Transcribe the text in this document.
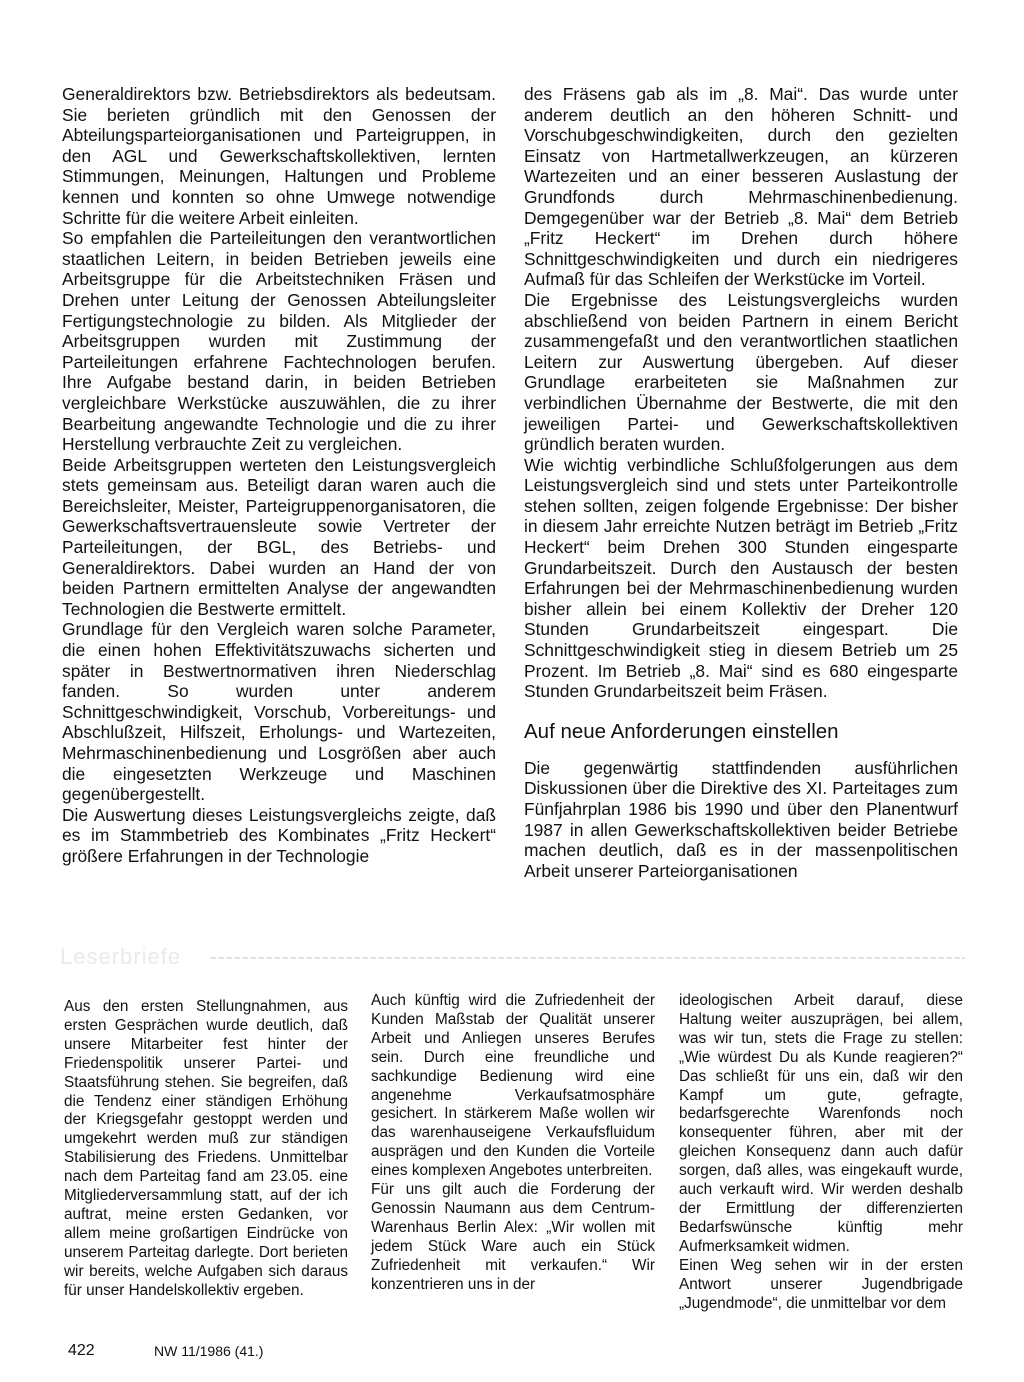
Generaldirektors bzw. Betriebsdirektors als bedeutsam. Sie berieten gründlich mit den Genossen der Abteilungsparteiorganisationen und Parteigruppen, in den AGL und Gewerkschaftskollektiven, lernten Stimmungen, Meinungen, Haltungen und Probleme kennen und konnten so ohne Umwege notwendige Schritte für die weitere Arbeit einleiten.

So empfahlen die Parteileitungen den verantwortlichen staatlichen Leitern, in beiden Betrieben jeweils eine Arbeitsgruppe für die Arbeitstechniken Fräsen und Drehen unter Leitung der Genossen Abteilungsleiter Fertigungstechnologie zu bilden. Als Mitglieder der Arbeitsgruppen wurden mit Zustimmung der Parteileitungen erfahrene Fachtechnologen berufen. Ihre Aufgabe bestand darin, in beiden Betrieben vergleichbare Werkstücke auszuwählen, die zu ihrer Bearbeitung angewandte Technologie und die zu ihrer Herstellung verbrauchte Zeit zu vergleichen.

Beide Arbeitsgruppen werteten den Leistungsvergleich stets gemeinsam aus. Beteiligt daran waren auch die Bereichsleiter, Meister, Parteigruppenorganisatoren, die Gewerkschaftsvertrauensleute sowie Vertreter der Parteileitungen, der BGL, des Betriebs- und Generaldirektors. Dabei wurden an Hand der von beiden Partnern ermittelten Analyse der angewandten Technologien die Bestwerte ermittelt.

Grundlage für den Vergleich waren solche Parameter, die einen hohen Effektivitätszuwachs sicherten und später in Bestwertnormativen ihren Niederschlag fanden. So wurden unter anderem Schnittgeschwindigkeit, Vorschub, Vorbereitungs- und Abschlußzeit, Hilfszeit, Erholungs- und Wartezeiten, Mehrmaschinenbedienung und Losgrößen aber auch die eingesetzten Werkzeuge und Maschinen gegenübergestellt.

Die Auswertung dieses Leistungsvergleichs zeigte, daß es im Stammbetrieb des Kombinates „Fritz Heckert“ größere Erfahrungen in der Technologie

des Fräsens gab als im „8. Mai“. Das wurde unter anderem deutlich an den höheren Schnitt- und Vorschubgeschwindigkeiten, durch den gezielten Einsatz von Hartmetallwerkzeugen, an kürzeren Wartezeiten und an einer besseren Auslastung der Grundfonds durch Mehrmaschinenbedienung. Demgegenüber war der Betrieb „8. Mai“ dem Betrieb „Fritz Heckert“ im Drehen durch höhere Schnittgeschwindigkeiten und durch ein niedrigeres Aufmaß für das Schleifen der Werkstücke im Vorteil.

Die Ergebnisse des Leistungsvergleichs wurden abschließend von beiden Partnern in einem Bericht zusammengefaßt und den verantwortlichen staatlichen Leitern zur Auswertung übergeben. Auf dieser Grundlage erarbeiteten sie Maßnahmen zur verbindlichen Übernahme der Bestwerte, die mit den jeweiligen Partei- und Gewerkschaftskollektiven gründlich beraten wurden.

Wie wichtig verbindliche Schlußfolgerungen aus dem Leistungsvergleich sind und stets unter Parteikontrolle stehen sollten, zeigen folgende Ergebnisse: Der bisher in diesem Jahr erreichte Nutzen beträgt im Betrieb „Fritz Heckert“ beim Drehen 300 Stunden eingesparte Grundarbeitszeit. Durch den Austausch der besten Erfahrungen bei der Mehrmaschinenbedienung wurden bisher allein bei einem Kollektiv der Dreher 120 Stunden Grundarbeitszeit eingespart. Die Schnittgeschwindigkeit stieg in diesem Betrieb um 25 Prozent. Im Betrieb „8. Mai“ sind es 680 eingesparte Stunden Grundarbeitszeit beim Fräsen.

Auf neue Anforderungen einstellen

Die gegenwärtig stattfindenden ausführlichen Diskussionen über die Direktive des XI. Parteitages zum Fünfjahrplan 1986 bis 1990 und über den Planentwurf 1987 in allen Gewerkschaftskollektiven beider Betriebe machen deutlich, daß es in der massenpolitischen Arbeit unserer Parteiorganisationen

Leserbriefe

Aus den ersten Stellungnahmen, aus ersten Gesprächen wurde deutlich, daß unsere Mitarbeiter fest hinter der Friedenspolitik unserer Partei- und Staatsführung stehen. Sie begreifen, daß die Tendenz einer ständigen Erhöhung der Kriegsgefahr gestoppt werden und umgekehrt werden muß zur ständigen Stabilisierung des Friedens. Unmittelbar nach dem Parteitag fand am 23.05. eine Mitgliederversammlung statt, auf der ich auftrat, meine ersten Gedanken, vor allem meine großartigen Eindrücke von unserem Parteitag darlegte. Dort berieten wir bereits, welche Aufgaben sich daraus für unser Handelskollektiv ergeben.

Auch künftig wird die Zufriedenheit der Kunden Maßstab der Qualität unserer Arbeit und Anliegen unseres Berufes sein. Durch eine freundliche und sachkundige Bedienung wird eine angenehme Verkaufsatmosphäre gesichert. In stärkerem Maße wollen wir das warenhauseigene Verkaufsfluidum ausprägen und den Kunden die Vorteile eines komplexen Angebotes unterbreiten.

Für uns gilt auch die Forderung der Genossin Naumann aus dem Centrum-Warenhaus Berlin Alex: „Wir wollen mit jedem Stück Ware auch ein Stück Zufriedenheit mit verkaufen.“ Wir konzentrieren uns in der

ideologischen Arbeit darauf, diese Haltung weiter auszuprägen, bei allem, was wir tun, stets die Frage zu stellen: „Wie würdest Du als Kunde reagieren?“ Das schließt für uns ein, daß wir den Kampf um gute, gefragte, bedarfsgerechte Warenfonds noch konsequenter führen, aber mit der gleichen Konsequenz dann auch dafür sorgen, daß alles, was eingekauft wurde, auch verkauft wird. Wir werden deshalb der Ermittlung der differenzierten Bedarfswünsche künftig mehr Aufmerksamkeit widmen.

Einen Weg sehen wir in der ersten Antwort unserer Jugendbrigade „Jugendmode“, die unmittelbar vor dem

422	NW 11/1986 (41.)
